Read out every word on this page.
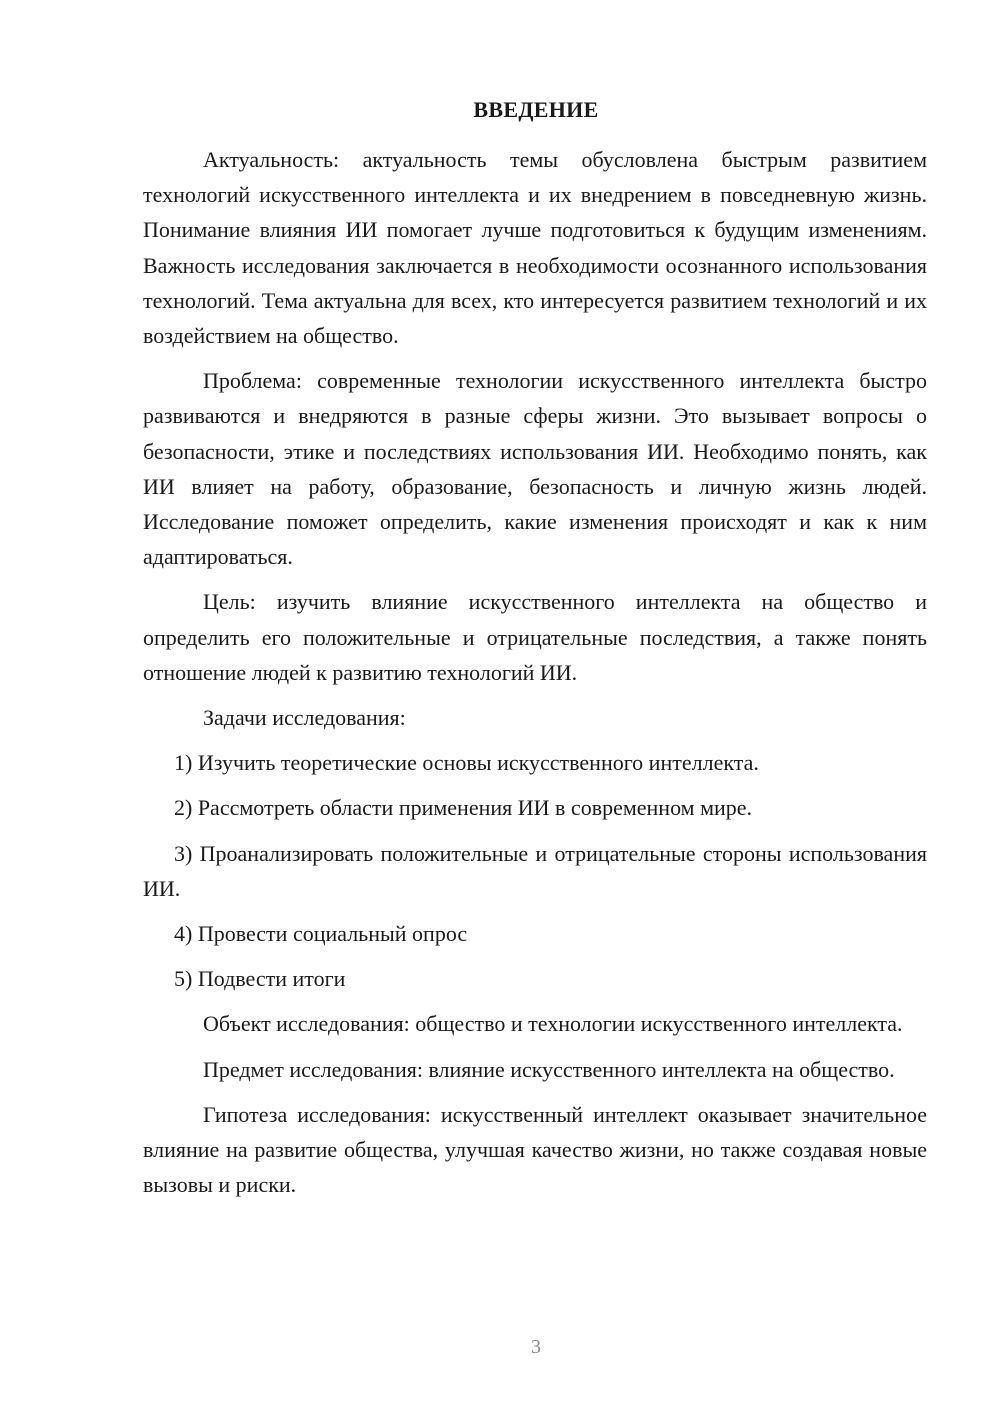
ВВЕДЕНИЕ

Актуальность: актуальность темы обусловлена быстрым развитием технологий искусственного интеллекта и их внедрением в повседневную жизнь. Понимание влияния ИИ помогает лучше подготовиться к будущим изменениям. Важность исследования заключается в необходимости осознанного использования технологий. Тема актуальна для всех, кто интересуется развитием технологий и их воздействием на общество.

Проблема: современные технологии искусственного интеллекта быстро развиваются и внедряются в разные сферы жизни. Это вызывает вопросы о безопасности, этике и последствиях использования ИИ. Необходимо понять, как ИИ влияет на работу, образование, безопасность и личную жизнь людей. Исследование поможет определить, какие изменения происходят и как к ним адаптироваться.

Цель: изучить влияние искусственного интеллекта на общество и определить его положительные и отрицательные последствия, а также понять отношение людей к развитию технологий ИИ.

Задачи исследования:

1) Изучить теоретические основы искусственного интеллекта.

2) Рассмотреть области применения ИИ в современном мире.

3) Проанализировать положительные и отрицательные стороны использования ИИ.

4) Провести социальный опрос

5) Подвести итоги

Объект исследования: общество и технологии искусственного интеллекта.

Предмет исследования: влияние искусственного интеллекта на общество.

Гипотеза исследования: искусственный интеллект оказывает значительное влияние на развитие общества, улучшая качество жизни, но также создавая новые вызовы и риски.

3
